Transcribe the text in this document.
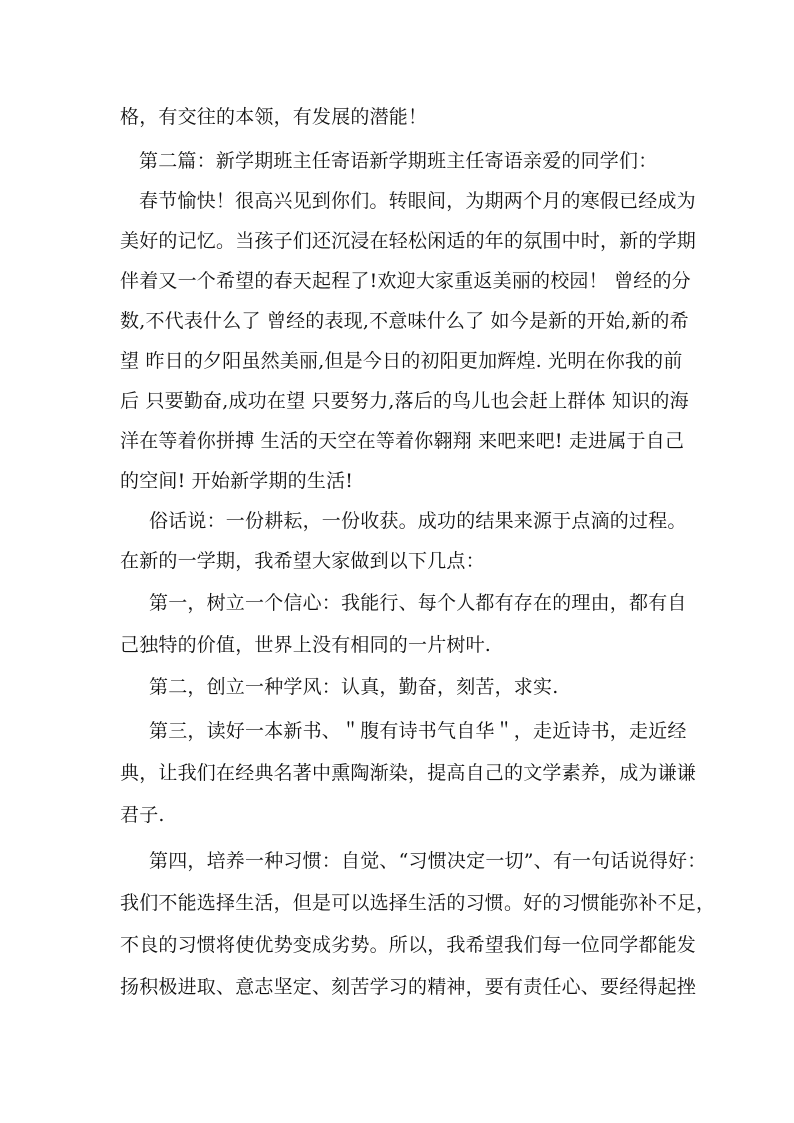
格，有交往的本领，有发展的潜能！
第二篇：新学期班主任寄语新学期班主任寄语亲爱的同学们：
春节愉快！很高兴见到你们。转眼间，为期两个月的寒假已经成为
美好的记忆。当孩子们还沉浸在轻松闲适的年的氛围中时，新的学期
伴着又一个希望的春天起程了!欢迎大家重返美丽的校园！ 曾经的分
数,不代表什么了 曾经的表现,不意味什么了 如今是新的开始,新的希
望 昨日的夕阳虽然美丽,但是今日的初阳更加辉煌. 光明在你我的前
后 只要勤奋,成功在望 只要努力,落后的鸟儿也会赶上群体 知识的海
洋在等着你拼搏 生活的天空在等着你翱翔 来吧来吧! 走进属于自己
的空间! 开始新学期的生活!
俗话说：一份耕耘，一份收获。成功的结果来源于点滴的过程。
在新的一学期，我希望大家做到以下几点：
第一，树立一个信心：我能行、每个人都有存在的理由，都有自
己独特的价值，世界上没有相同的一片树叶.
第二，创立一种学风：认真，勤奋，刻苦，求实.
第三，读好一本新书、＂腹有诗书气自华＂，走近诗书，走近经
典，让我们在经典名著中熏陶渐染，提高自己的文学素养，成为谦谦
君子.
第四，培养一种习惯：自觉、“习惯决定一切”、有一句话说得好：
我们不能选择生活，但是可以选择生活的习惯。好的习惯能弥补不足，
不良的习惯将使优势变成劣势。所以，我希望我们每一位同学都能发
扬积极进取、意志坚定、刻苦学习的精神，要有责任心、要经得起挫
